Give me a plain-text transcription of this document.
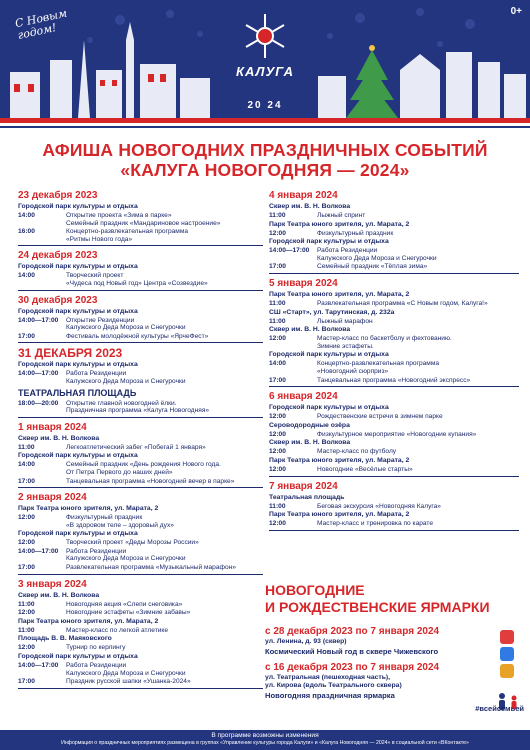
0+
С Новым годом!
КАЛУГА
20 24
АФИША НОВОГОДНИХ ПРАЗДНИЧНЫХ СОБЫТИЙ
«КАЛУГА НОВОГОДНЯЯ — 2024»
23 декабря 2023
Городской парк культуры и отдыха
14:00	Открытие проекта «Зима в парке»
Семейный праздник «Мандариновое настроение»
16:00	Концертно-развлекательная программа
«Ритмы Нового года»
24 декабря 2023
Городской парк культуры и отдыха
14:00	Творческий проект
«Чудеса под Новый год» Центра «Созвездие»
30 декабря 2023
Городской парк культуры и отдыха
14:00—17:00	Открытие Резиденции
Калужского Деда Мороза и Снегурочки
17:00	Фестиваль молодёжной культуры «ЯрчеФест»
31 ДЕКАБРЯ 2023
Городской парк культуры и отдыха
14:00—17:00	Работа Резиденции
Калужского Деда Мороза и Снегурочки
ТЕАТРАЛЬНАЯ ПЛОЩАДЬ
18:00—20:00	Открытие главной новогодней ёлки.
Праздничная программа «Калуга Новогодняя»
1 января 2024
Сквер им. В. Н. Волкова
11:00	Легкоатлетический забег «Побегай 1 января»
Городской парк культуры и отдыха
14:00	Семейный праздник «День рождения Нового года.
От Петра Первого до наших дней»
17:00	Танцевальная программа «Новогодний вечер в парке»
2 января 2024
Парк Театра юного зрителя, ул. Марата, 2
12:00	Физкультурный праздник
«В здоровом теле – здоровый дух»
Городской парк культуры и отдыха
12:00	Творческий проект «Деды Морозы России»
14:00—17:00	Работа Резиденции
Калужского Деда Мороза и Снегурочки
17:00	Развлекательная программа «Музыкальный марафон»
3 января 2024
Сквер им. В. Н. Волкова
11:00	Новогодняя акция «Слепи снеговика»
12:00	Новогодние эстафеты «Зимние забавы»
Парк Театра юного зрителя, ул. Марата, 2
11:00	Мастер-класс по легкой атлетике
Площадь В. В. Маяковского
12:00	Турнир по керлингу
Городской парк культуры и отдыха
14:00—17:00	Работа Резиденции
Калужского Деда Мороза и Снегурочки
17:00	Праздник русской шапки «Ушанка-2024»
4 января 2024
Сквер им. В. Н. Волкова
11:00	Лыжный спринт
Парк Театра юного зрителя, ул. Марата, 2
12:00	Физкультурный праздник
Городской парк культуры и отдыха
14:00—17:00	Работа Резиденции
Калужского Деда Мороза и Снегурочки
17:00	Семейный праздник «Тёплая зима»
5 января 2024
Парк Театра юного зрителя, ул. Марата, 2
11:00	Развлекательная программа «С Новым годом, Калуга!»
СШ «Старт», ул. Тарутинская, д. 232а
11:00	Лыжный марафон
Сквер им. В. Н. Волкова
12:00	Мастер-класс по баскетболу и фехтованию.
Зимние эстафеты.
Городской парк культуры и отдыха
14:00	Концертно-развлекательная программа
«Новогодний сюрприз»
17:00	Танцевальная программа «Новогодний экспресс»
6 января 2024
Городской парк культуры и отдыха
12:00	Рождественские встречи в зимнем парке
Сероводородные озёра
12:00	Физкультурное мероприятие «Новогодние купания»
Сквер им. В. Н. Волкова
12:00	Мастер-класс по футболу
Парк Театра юного зрителя, ул. Марата, 2
12:00	Новогодние «Весёлые старты»
7 января 2024
Театральная площадь
11:00	Беговая экскурсия «Новогодняя Калуга»
Парк Театра юного зрителя, ул. Марата, 2
12:00	Мастер-класс и тренировка по карате
НОВОГОДНИЕ
И РОЖДЕСТВЕНСКИЕ ЯРМАРКИ
с 28 декабря 2023 по 7 января 2024
ул. Ленина, д. 93 (сквер)
Космический Новый год в сквере Чижевского
с 16 декабря 2023 по 7 января 2024
ул. Театральная (пешеходная часть),
ул. Кирова (вдоль Театрального сквера)
Новогодняя праздничная ярмарка
#всейсемьей
В программе возможны изменения
Информация о праздничных мероприятиях размещена в группах «Управление культуры города Калуги» и «Калуга Новогодняя — 2024» в социальной сети «ВКонтакте»
